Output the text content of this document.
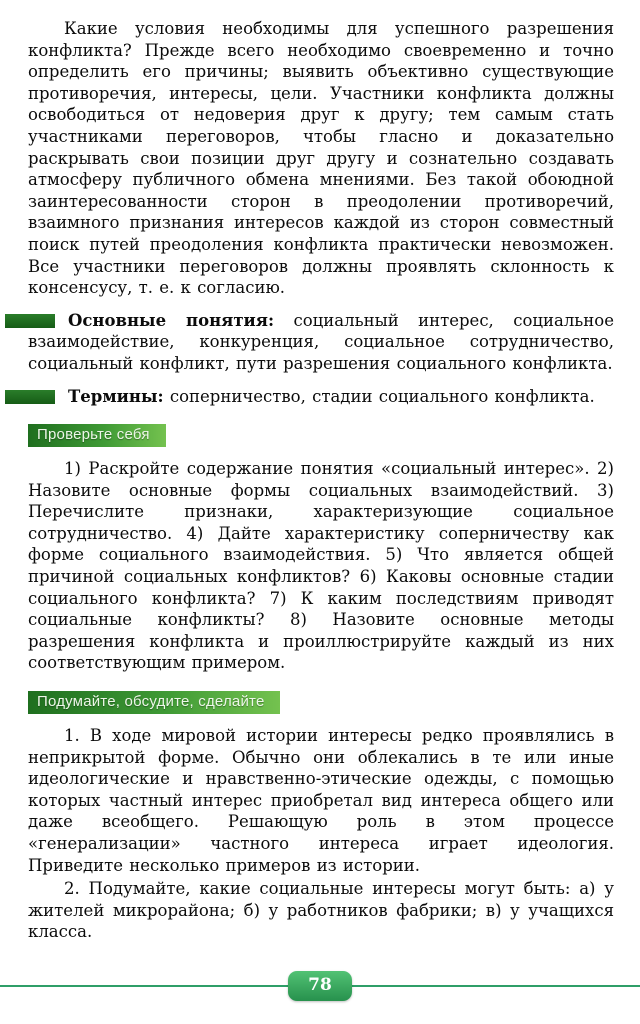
Какие условия необходимы для успешного разрешения конфликта? Прежде всего необходимо своевременно и точно определить его причины; выявить объективно существующие противоречия, интересы, цели. Участники конфликта должны освободиться от недоверия друг к другу; тем самым стать участниками переговоров, чтобы гласно и доказательно раскрывать свои позиции друг другу и сознательно создавать атмосферу публичного обмена мнениями. Без такой обоюдной заинтересованности сторон в преодолении противоречий, взаимного признания интересов каждой из сторон совместный поиск путей преодоления конфликта практически невозможен. Все участники переговоров должны проявлять склонность к консенсусу, т. е. к согласию.

Основные понятия: социальный интерес, социальное взаимодействие, конкуренция, социальное сотрудничество, социальный конфликт, пути разрешения социального конфликта.

Термины: соперничество, стадии социального конфликта.

Проверьте себя

1) Раскройте содержание понятия «социальный интерес». 2) Назовите основные формы социальных взаимодействий. 3) Перечислите признаки, характеризующие социальное сотрудничество. 4) Дайте характеристику соперничеству как форме социального взаимодействия. 5) Что является общей причиной социальных конфликтов? 6) Каковы основные стадии социального конфликта? 7) К каким последствиям приводят социальные конфликты? 8) Назовите основные методы разрешения конфликта и проиллюстрируйте каждый из них соответствующим примером.

Подумайте, обсудите, сделайте

1. В ходе мировой истории интересы редко проявлялись в неприкрытой форме. Обычно они облекались в те или иные идеологические и нравственно-этические одежды, с помощью которых частный интерес приобретал вид интереса общего или даже всеобщего. Решающую роль в этом процессе «генерализации» частного интереса играет идеология. Приведите несколько примеров из истории.

2. Подумайте, какие социальные интересы могут быть: а) у жителей микрорайона; б) у работников фабрики; в) у учащихся класса.

78
